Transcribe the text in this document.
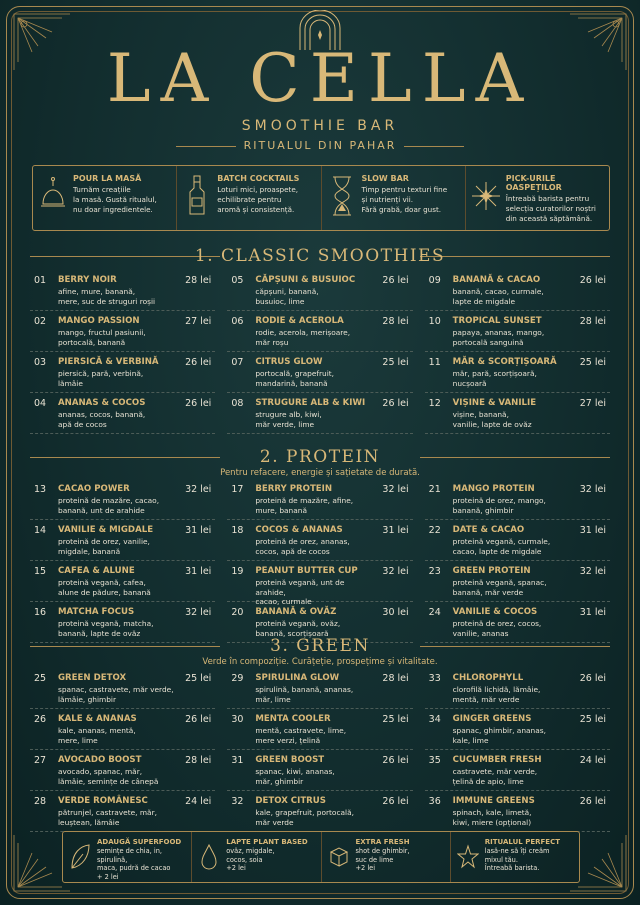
LA CELLA
SMOOTHIE BAR
RITUALUL DIN PAHAR
POUR LA MASĂ
Turnăm creațiile
la masă. Gustă ritualul,
nu doar ingredientele.
BATCH COCKTAILS
Loturi mici, proaspete,
echilibrate pentru
aromă și consistență.
SLOW BAR
Timp pentru texturi fine
și nutrienți vii.
Fără grabă, doar gust.
PICK-URILE OASPEȚILOR
Întreabă barista pentru
selecția curatorilor noștri
din această săptămână.
1. CLASSIC SMOOTHIES
01 BERRY NOIR	28 lei
afine, mure, banană,
mere, suc de struguri roșii
05 CĂPȘUNI & BUSUIOC	26 lei
căpșuni, banană,
busuioc, lime
09 BANANĂ & CACAO	26 lei
banană, cacao, curmale,
lapte de migdale
02 MANGO PASSION	27 lei
mango, fructul pasiunii,
portocală, banană
06 RODIE & ACEROLA	28 lei
rodie, acerola, merișoare,
măr roșu
10 TROPICAL SUNSET	28 lei
papaya, ananas, mango,
portocală sanguină
03 PIERSICĂ & VERBINĂ	26 lei
piersică, pară, verbină,
lămâie
07 CITRUS GLOW	25 lei
portocală, grapefruit,
mandarină, banană
11 MĂR & SCORȚIȘOARĂ 25 lei
măr, pară, scorțișoară,
nucșoară
04 ANANAS & COCOS	26 lei
ananas, cocos, banană,
apă de cocos
08 STRUGURE ALB & KIWI 26 lei
strugure alb, kiwi,
măr verde, lime
12 VIȘINE & VANILIE	27 lei
vișine, banană,
vanilie, lapte de ovăz
2. PROTEIN
Pentru refacere, energie și sațietate de durată.
13 CACAO POWER	32 lei
proteină de mazăre, cacao,
banană, unt de arahide
17 BERRY PROTEIN	32 lei
proteină de mazăre, afine,
mure, banană
21 MANGO PROTEIN	32 lei
proteină de orez, mango,
banană, ghimbir
14 VANILIE & MIGDALE	31 lei
proteină de orez, vanilie,
migdale, banană
18 COCOS & ANANAS	31 lei
proteină de orez, ananas,
cocos, apă de cocos
22 DATE & CACAO	31 lei
proteină vegană, curmale,
cacao, lapte de migdale
15 CAFEA & ALUNE	31 lei
proteină vegană, cafea,
alune de pădure, banană
19 PEANUT BUTTER CUP	32 lei
proteină vegană, unt de arahide,
cacao, curmale
23 GREEN PROTEIN	32 lei
proteină vegană, spanac,
banană, măr verde
16 MATCHA FOCUS	32 lei
proteină vegană, matcha,
banană, lapte de ovăz
20 BANANĂ & OVĂZ	30 lei
proteină vegană, ovăz,
banană, scorțișoară
24 VANILIE & COCOS	31 lei
proteină de orez, cocos,
vanilie, ananas
3. GREEN
Verde în compoziție. Curățeție, prospețime și vitalitate.
25 GREEN DETOX	25 lei
spanac, castravete, măr verde,
lămâie, ghimbir
29 SPIRULINA GLOW	28 lei
spirulină, banană, ananas,
măr, lime
33 CHLOROPHYLL	26 lei
clorofilă lichidă, lămâie,
mentă, măr verde
26 KALE & ANANAS	26 lei
kale, ananas, mentă,
mere, lime
30 MENTA COOLER	25 lei
mentă, castravete, lime,
mere verzi, țelină
34 GINGER GREENS	25 lei
spanac, ghimbir, ananas,
kale, lime
27 AVOCADO BOOST	28 lei
avocado, spanac, măr,
lămâie, semințe de cânepă
31 GREEN BOOST	26 lei
spanac, kiwi, ananas,
măr, ghimbir
35 CUCUMBER FRESH	24 lei
castravete, măr verde,
țelină de apio, lime
28 VERDE ROMÂNESC	24 lei
pătrunjel, castravete, măr,
leuștean, lămâie
32 DETOX CITRUS	26 lei
kale, grapefruit, portocală,
măr verde
36 IMMUNE GREENS	26 lei
spinach, kale, limetă,
kiwi, miere (opțional)
ADAUGĂ SUPERFOOD
semințe de chia, in, spirulină,
maca, pudră de cacao
+ 2 lei
LAPTE PLANT BASED
ovăz, migdale,
cocos, soia
+2 lei
EXTRA FRESH
shot de ghimbir,
suc de lime
+2 lei
RITUALUL PERFECT
lasă-ne să îți creăm
mixul tău.
Întreabă barista.
